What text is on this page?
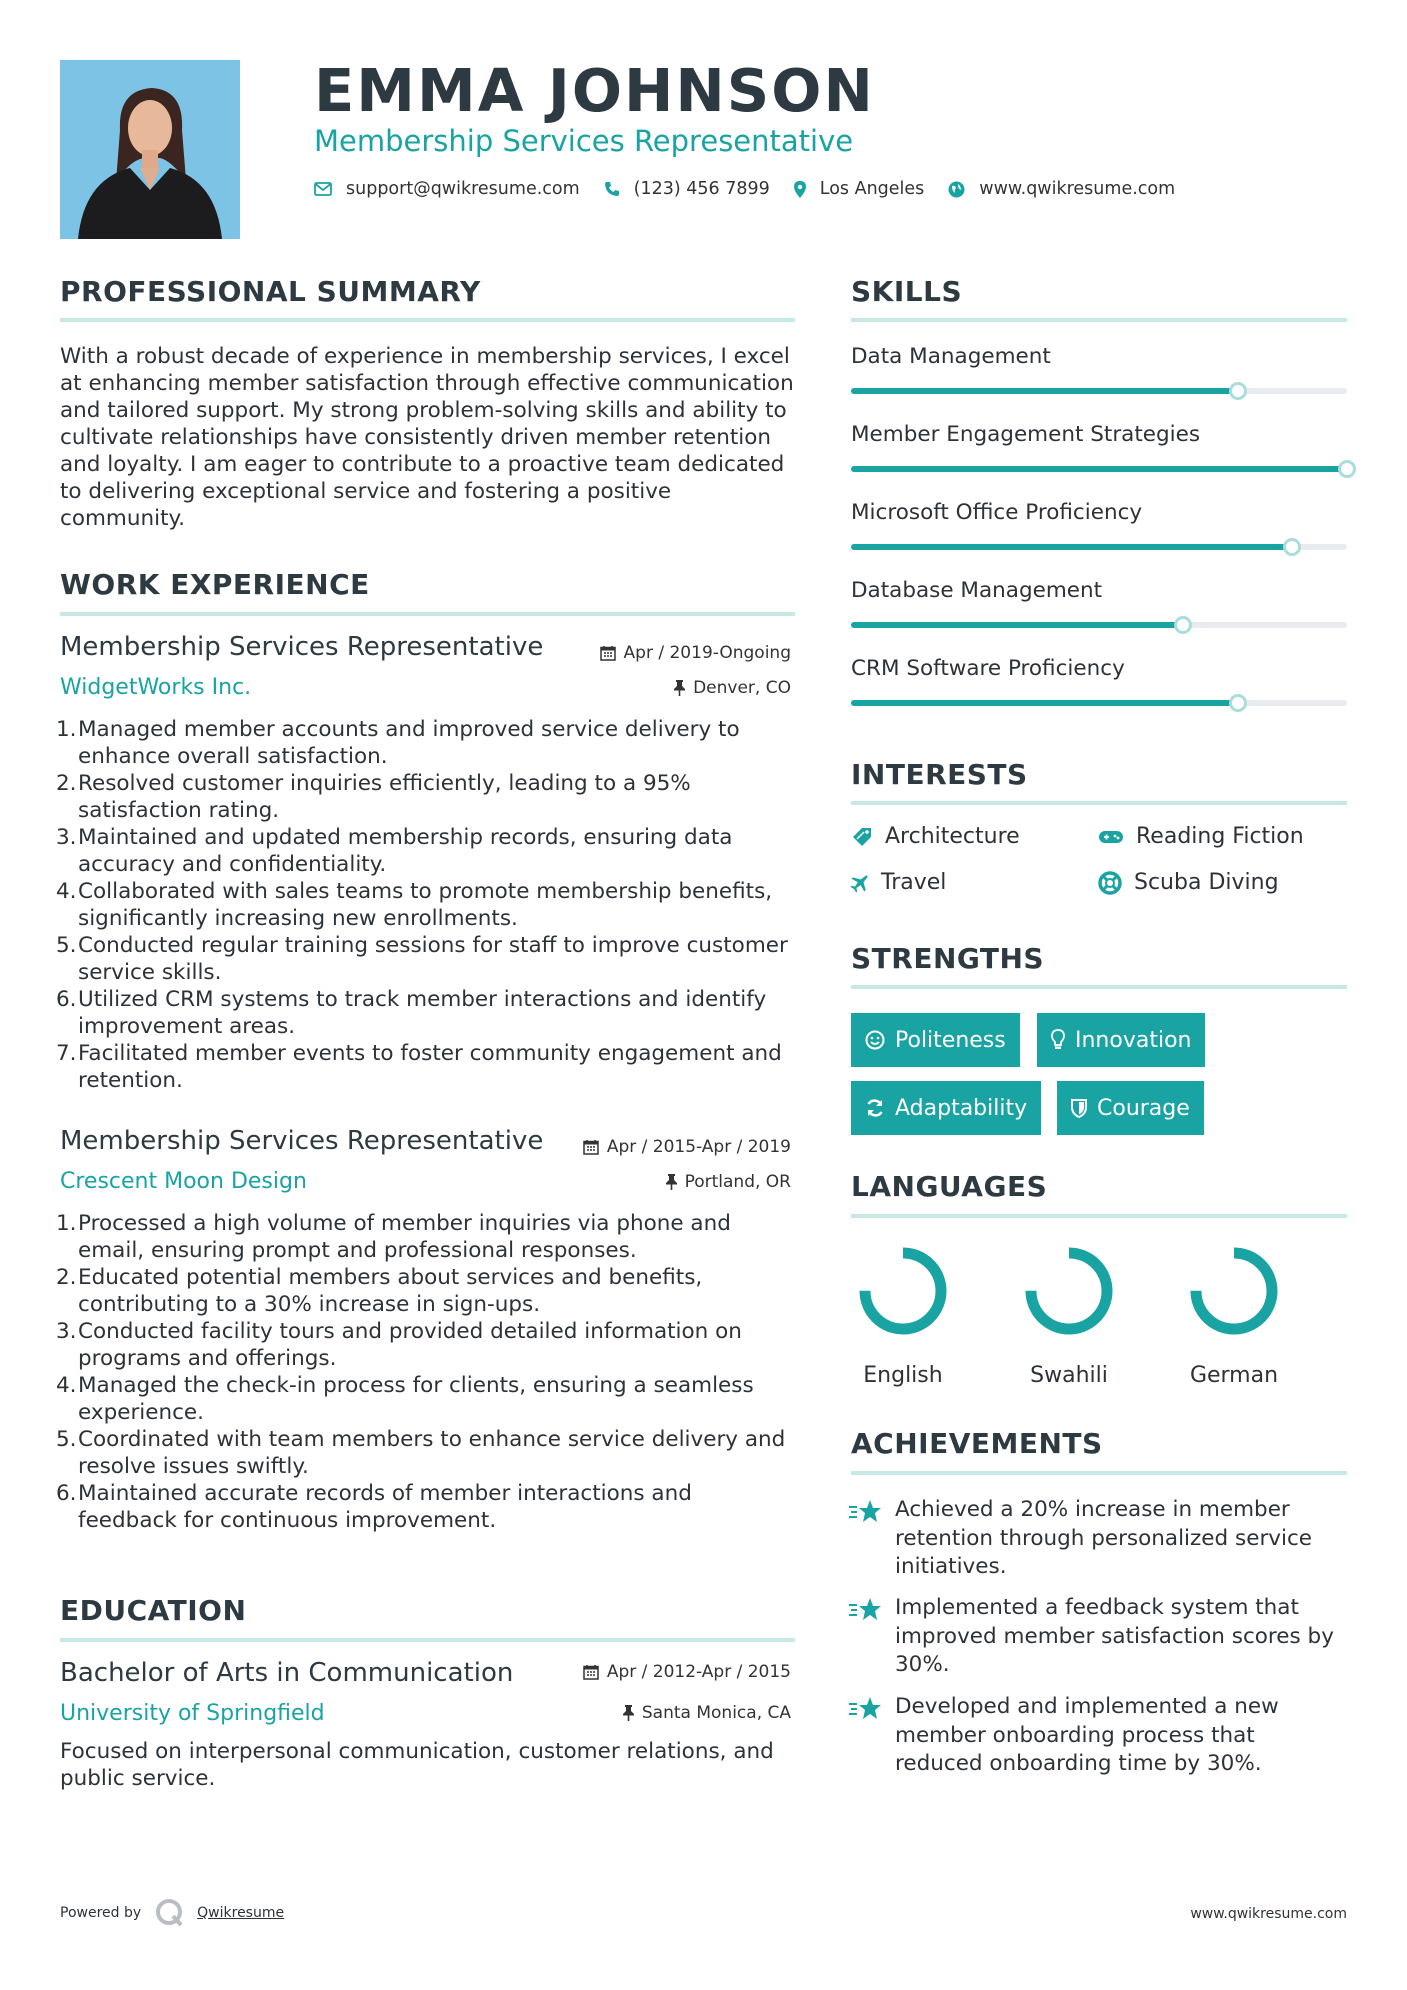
EMMA JOHNSON
Membership Services Representative
support@qwikresume.com	(123) 456 7899	Los Angeles	www.qwikresume.com
PROFESSIONAL SUMMARY
With a robust decade of experience in membership services, I excel at enhancing member satisfaction through effective communication and tailored support. My strong problem-solving skills and ability to cultivate relationships have consistently driven member retention and loyalty. I am eager to contribute to a proactive team dedicated to delivering exceptional service and fostering a positive community.
WORK EXPERIENCE
Membership Services Representative	Apr / 2019-Ongoing
WidgetWorks Inc.	Denver, CO
1. Managed member accounts and improved service delivery to enhance overall satisfaction.
2. Resolved customer inquiries efficiently, leading to a 95% satisfaction rating.
3. Maintained and updated membership records, ensuring data accuracy and confidentiality.
4. Collaborated with sales teams to promote membership benefits, significantly increasing new enrollments.
5. Conducted regular training sessions for staff to improve customer service skills.
6. Utilized CRM systems to track member interactions and identify improvement areas.
7. Facilitated member events to foster community engagement and retention.
Membership Services Representative	Apr / 2015-Apr / 2019
Crescent Moon Design	Portland, OR
1. Processed a high volume of member inquiries via phone and email, ensuring prompt and professional responses.
2. Educated potential members about services and benefits, contributing to a 30% increase in sign-ups.
3. Conducted facility tours and provided detailed information on programs and offerings.
4. Managed the check-in process for clients, ensuring a seamless experience.
5. Coordinated with team members to enhance service delivery and resolve issues swiftly.
6. Maintained accurate records of member interactions and feedback for continuous improvement.
EDUCATION
Bachelor of Arts in Communication	Apr / 2012-Apr / 2015
University of Springfield	Santa Monica, CA
Focused on interpersonal communication, customer relations, and public service.
SKILLS
Data Management
Member Engagement Strategies
Microsoft Office Proficiency
Database Management
CRM Software Proficiency
INTERESTS
Architecture	Reading Fiction
Travel	Scuba Diving
STRENGTHS
Politeness	Innovation
Adaptability	Courage
LANGUAGES
English	Swahili	German
ACHIEVEMENTS
Achieved a 20% increase in member retention through personalized service initiatives.
Implemented a feedback system that improved member satisfaction scores by 30%.
Developed and implemented a new member onboarding process that reduced onboarding time by 30%.
Powered by	Qwikresume	www.qwikresume.com
